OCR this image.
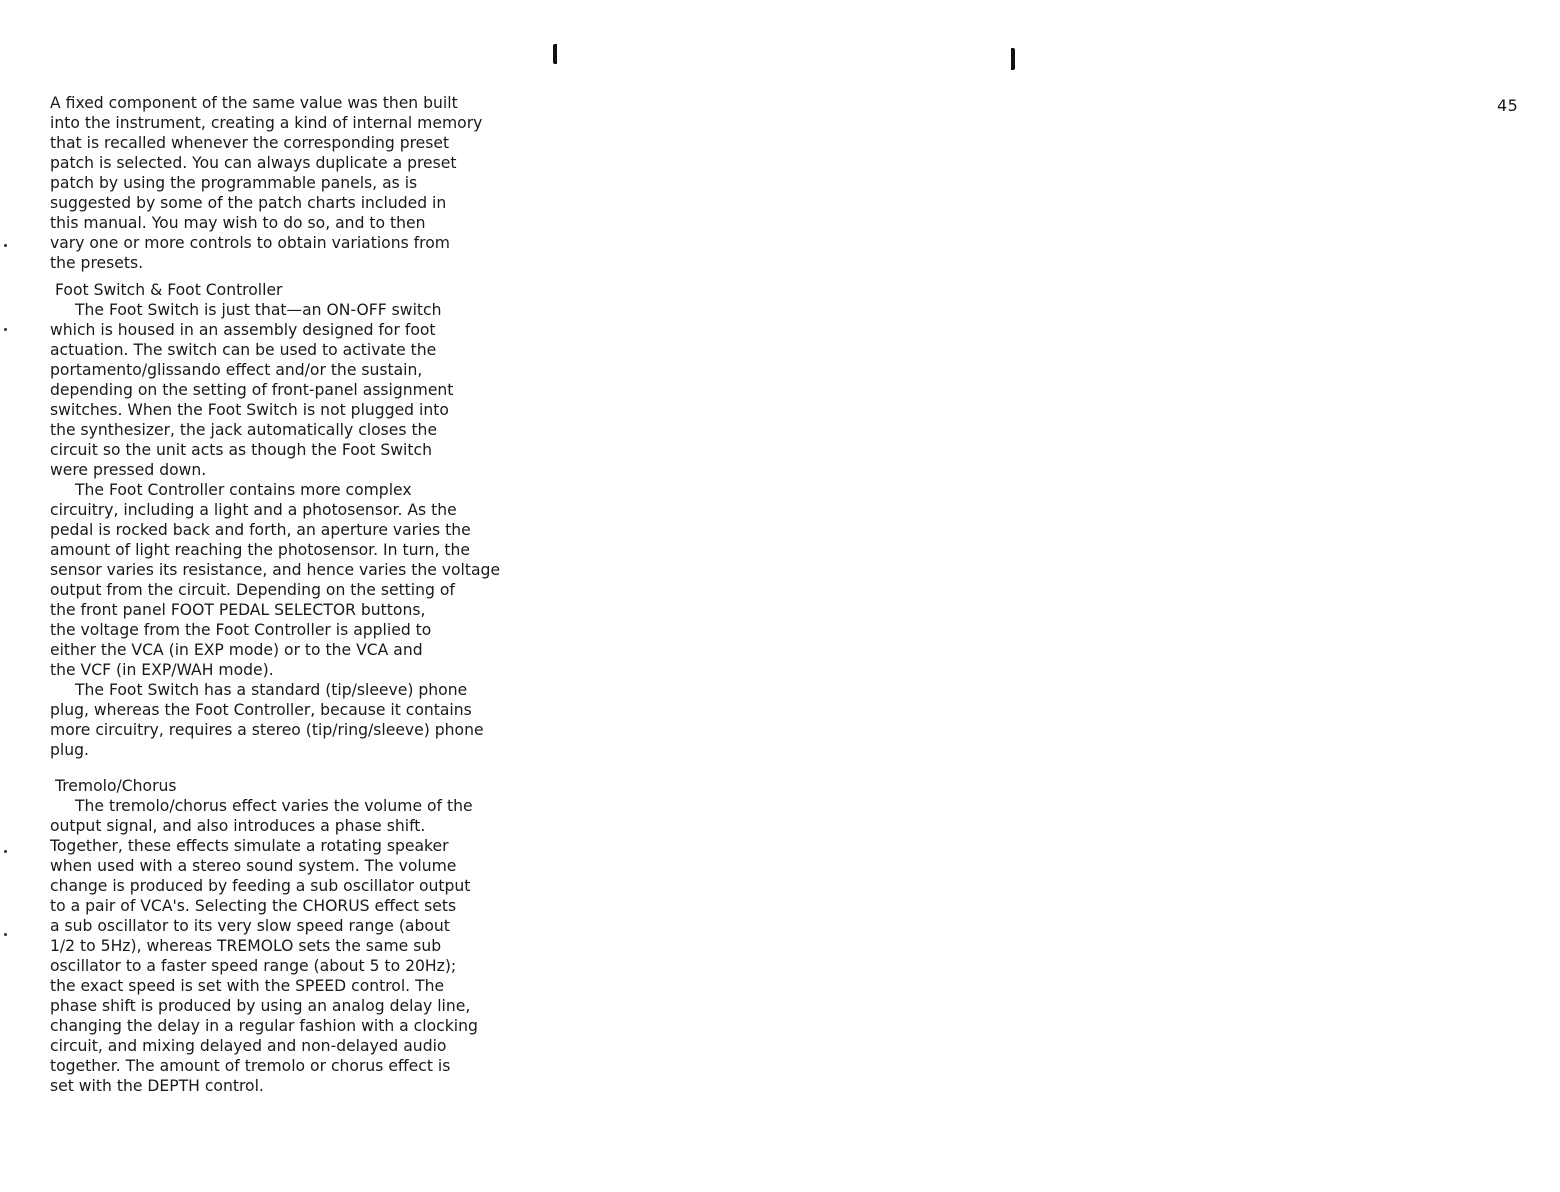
45
A fixed component of the same value was then built
into the instrument, creating a kind of internal memory
that is recalled whenever the corresponding preset
patch is selected. You can always duplicate a preset
patch by using the programmable panels, as is
suggested by some of the patch charts included in
this manual. You may wish to do so, and to then
vary one or more controls to obtain variations from
the presets.
Foot Switch & Foot Controller
The Foot Switch is just that—an ON-OFF switch
which is housed in an assembly designed for foot
actuation. The switch can be used to activate the
portamento/glissando effect and/or the sustain,
depending on the setting of front-panel assignment
switches. When the Foot Switch is not plugged into
the synthesizer, the jack automatically closes the
circuit so the unit acts as though the Foot Switch
were pressed down.
The Foot Controller contains more complex
circuitry, including a light and a photosensor. As the
pedal is rocked back and forth, an aperture varies the
amount of light reaching the photosensor. In turn, the
sensor varies its resistance, and hence varies the voltage
output from the circuit. Depending on the setting of
the front panel FOOT PEDAL SELECTOR buttons,
the voltage from the Foot Controller is applied to
either the VCA (in EXP mode) or to the VCA and
the VCF (in EXP/WAH mode).
The Foot Switch has a standard (tip/sleeve) phone
plug, whereas the Foot Controller, because it contains
more circuitry, requires a stereo (tip/ring/sleeve) phone
plug.
Tremolo/Chorus
The tremolo/chorus effect varies the volume of the
output signal, and also introduces a phase shift.
Together, these effects simulate a rotating speaker
when used with a stereo sound system. The volume
change is produced by feeding a sub oscillator output
to a pair of VCA's. Selecting the CHORUS effect sets
a sub oscillator to its very slow speed range (about
1/2 to 5Hz), whereas TREMOLO sets the same sub
oscillator to a faster speed range (about 5 to 20Hz);
the exact speed is set with the SPEED control. The
phase shift is produced by using an analog delay line,
changing the delay in a regular fashion with a clocking
circuit, and mixing delayed and non-delayed audio
together. The amount of tremolo or chorus effect is
set with the DEPTH control.
